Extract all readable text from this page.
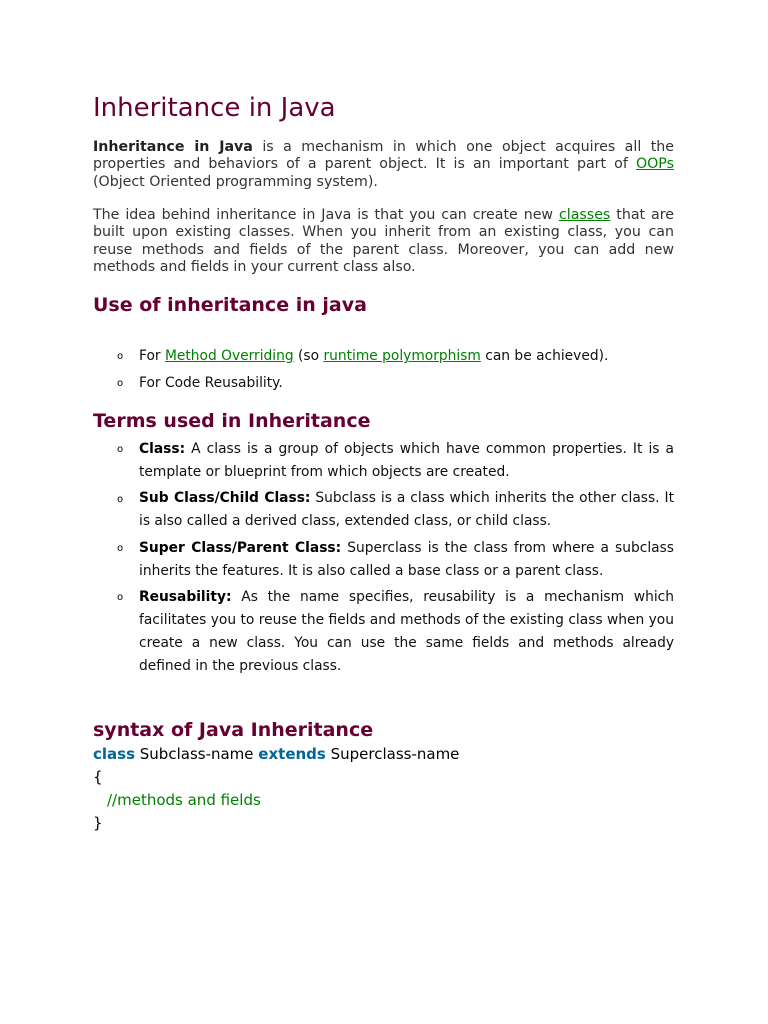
Inheritance in Java

Inheritance in Java is a mechanism in which one object acquires all the properties and behaviors of a parent object. It is an important part of OOPs (Object Oriented programming system).

The idea behind inheritance in Java is that you can create new classes that are built upon existing classes. When you inherit from an existing class, you can reuse methods and fields of the parent class. Moreover, you can add new methods and fields in your current class also.

Use of inheritance in java
o For Method Overriding (so runtime polymorphism can be achieved).

o For Code Reusability.

Terms used in Inheritance
o Class: A class is a group of objects which have common properties. It is a template or blueprint from which objects are created.

o Sub Class/Child Class: Subclass is a class which inherits the other class. It is also called a derived class, extended class, or child class.

o Super Class/Parent Class: Superclass is the class from where a subclass inherits the features. It is also called a base class or a parent class.

o Reusability: As the name specifies, reusability is a mechanism which facilitates you to reuse the fields and methods of the existing class when you create a new class. You can use the same fields and methods already defined in the previous class.

syntax of Java Inheritance
class Subclass-name extends Superclass-name
{
//methods and fields
}
